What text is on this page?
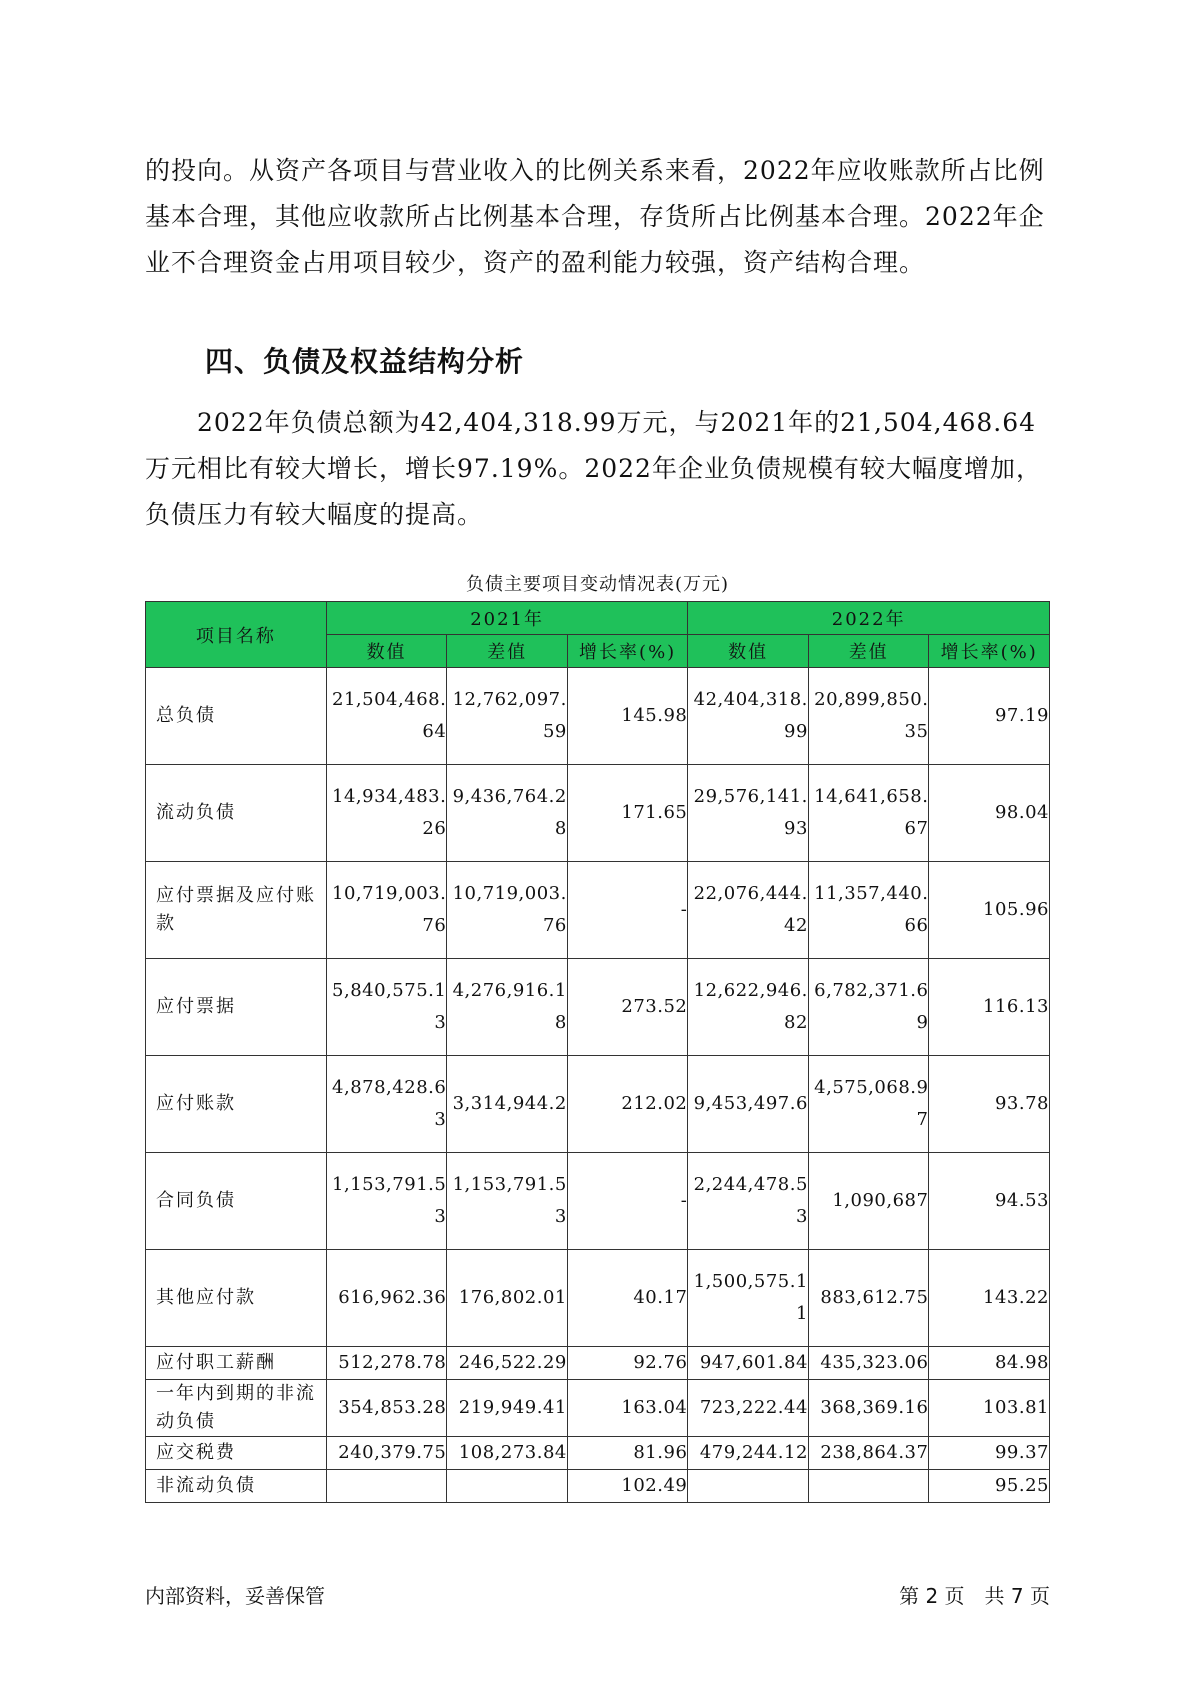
的投向。从资产各项目与营业收入的比例关系来看，2022年应收账款所占比例基本合理，其他应收款所占比例基本合理，存货所占比例基本合理。2022年企业不合理资金占用项目较少，资产的盈利能力较强，资产结构合理。

四、负债及权益结构分析

2022年负债总额为42,404,318.99万元，与2021年的21,504,468.64万元相比有较大增长，增长97.19%。2022年企业负债规模有较大幅度增加，负债压力有较大幅度的提高。

负债主要项目变动情况表(万元)
项目名称	2021年			2022年		
	数值	差值	增长率(%)	数值	差值	增长率(%)
总负债	21,504,468.64	12,762,097.59	145.98	42,404,318.99	20,899,850.35	97.19
流动负债	14,934,483.26	9,436,764.28	171.65	29,576,141.93	14,641,658.67	98.04
应付票据及应付账款	10,719,003.76	10,719,003.76	-	22,076,444.42	11,357,440.66	105.96
应付票据	5,840,575.13	4,276,916.18	273.52	12,622,946.82	6,782,371.69	116.13
应付账款	4,878,428.63	3,314,944.2	212.02	9,453,497.6	4,575,068.97	93.78
合同负债	1,153,791.53	1,153,791.53	-	2,244,478.53	1,090,687	94.53
其他应付款	616,962.36	176,802.01	40.17	1,500,575.11	883,612.75	143.22
应付职工薪酬	512,278.78	246,522.29	92.76	947,601.84	435,323.06	84.98
一年内到期的非流动负债	354,853.28	219,949.41	163.04	723,222.44	368,369.16	103.81
应交税费	240,379.75	108,273.84	81.96	479,244.12	238,864.37	99.37
非流动负债			102.49			95.25
内部资料，妥善保管	第 2 页　共 7 页
